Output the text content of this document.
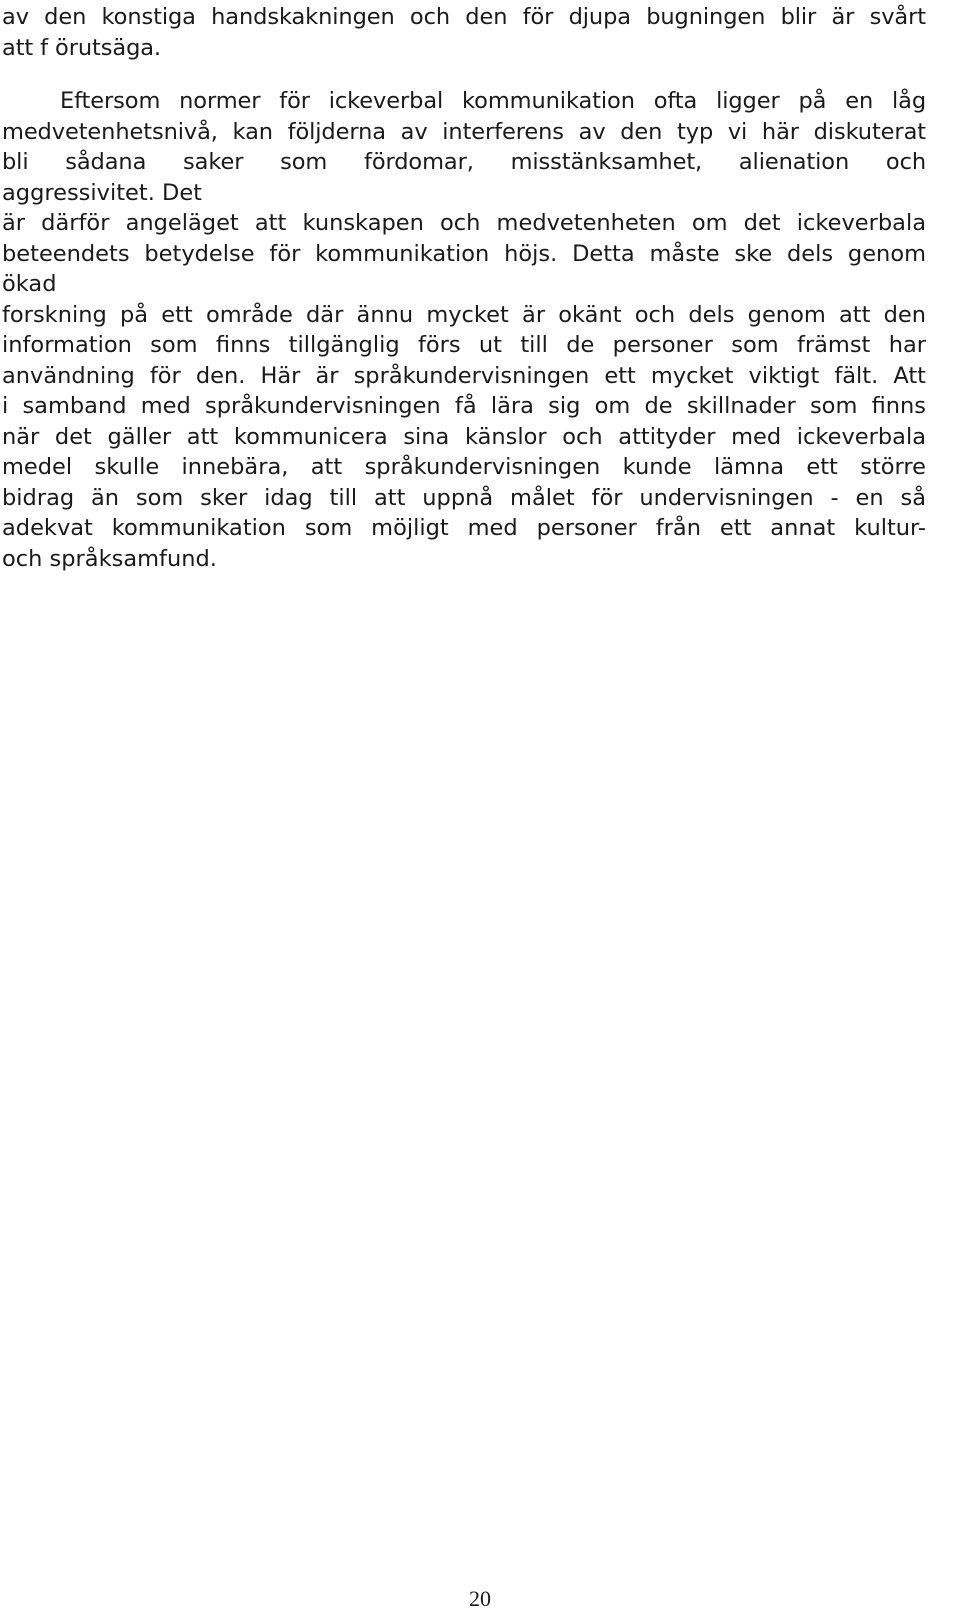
av den konstiga handskakningen och den för djupa bugningen blir är svårt
att f örutsäga.
Eftersom normer för ickeverbal kommunikation ofta ligger på en låg
medvetenhetsnivå, kan följderna av interferens av den typ vi här diskuterat
bli sådana saker som fördomar, misstänksamhet, alienation och
aggressivitet. Det
är därför angeläget att kunskapen och medvetenheten om det ickeverbala
beteendets betydelse för kommunikation höjs. Detta måste ske dels genom
ökad
forskning på ett område där ännu mycket är okänt och dels genom att den
information som finns tillgänglig förs ut till de personer som främst har
användning för den. Här är språkundervisningen ett mycket viktigt fält. Att
i samband med språkundervisningen få lära sig om de skillnader som finns
när det gäller att kommunicera sina känslor och attityder med ickeverbala
medel skulle innebära, att språkundervisningen kunde lämna ett större
bidrag än som sker idag till att uppnå målet för undervisningen - en så
adekvat kommunikation som möjligt med personer från ett annat kultur-
och språksamfund.
20
